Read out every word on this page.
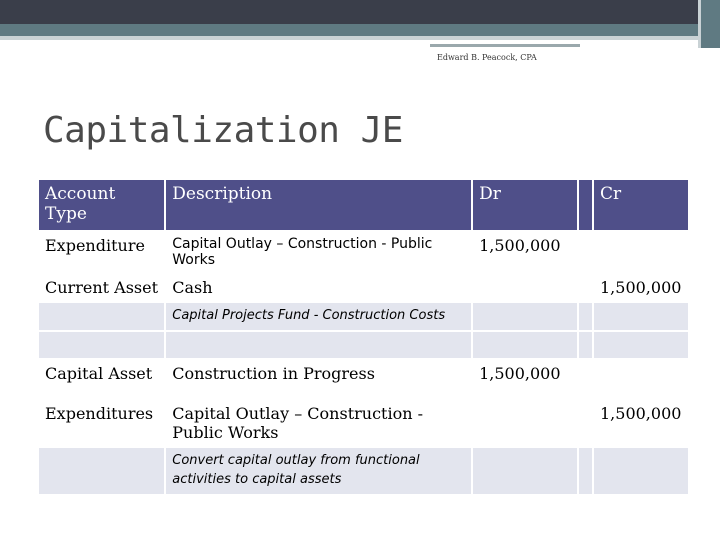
Edward B. Peacock, CPA
Capitalization JE
Account Type	Description	Dr		Cr
Expenditure	Capital Outlay – Construction - Public Works	1,500,000		
Current Asset	Cash			1,500,000
	Capital Projects Fund - Construction Costs			

Capital Asset	Construction in Progress	1,500,000		
Expenditures	Capital Outlay – Construction - Public Works			1,500,000
	Convert capital outlay from functional activities to capital assets			
